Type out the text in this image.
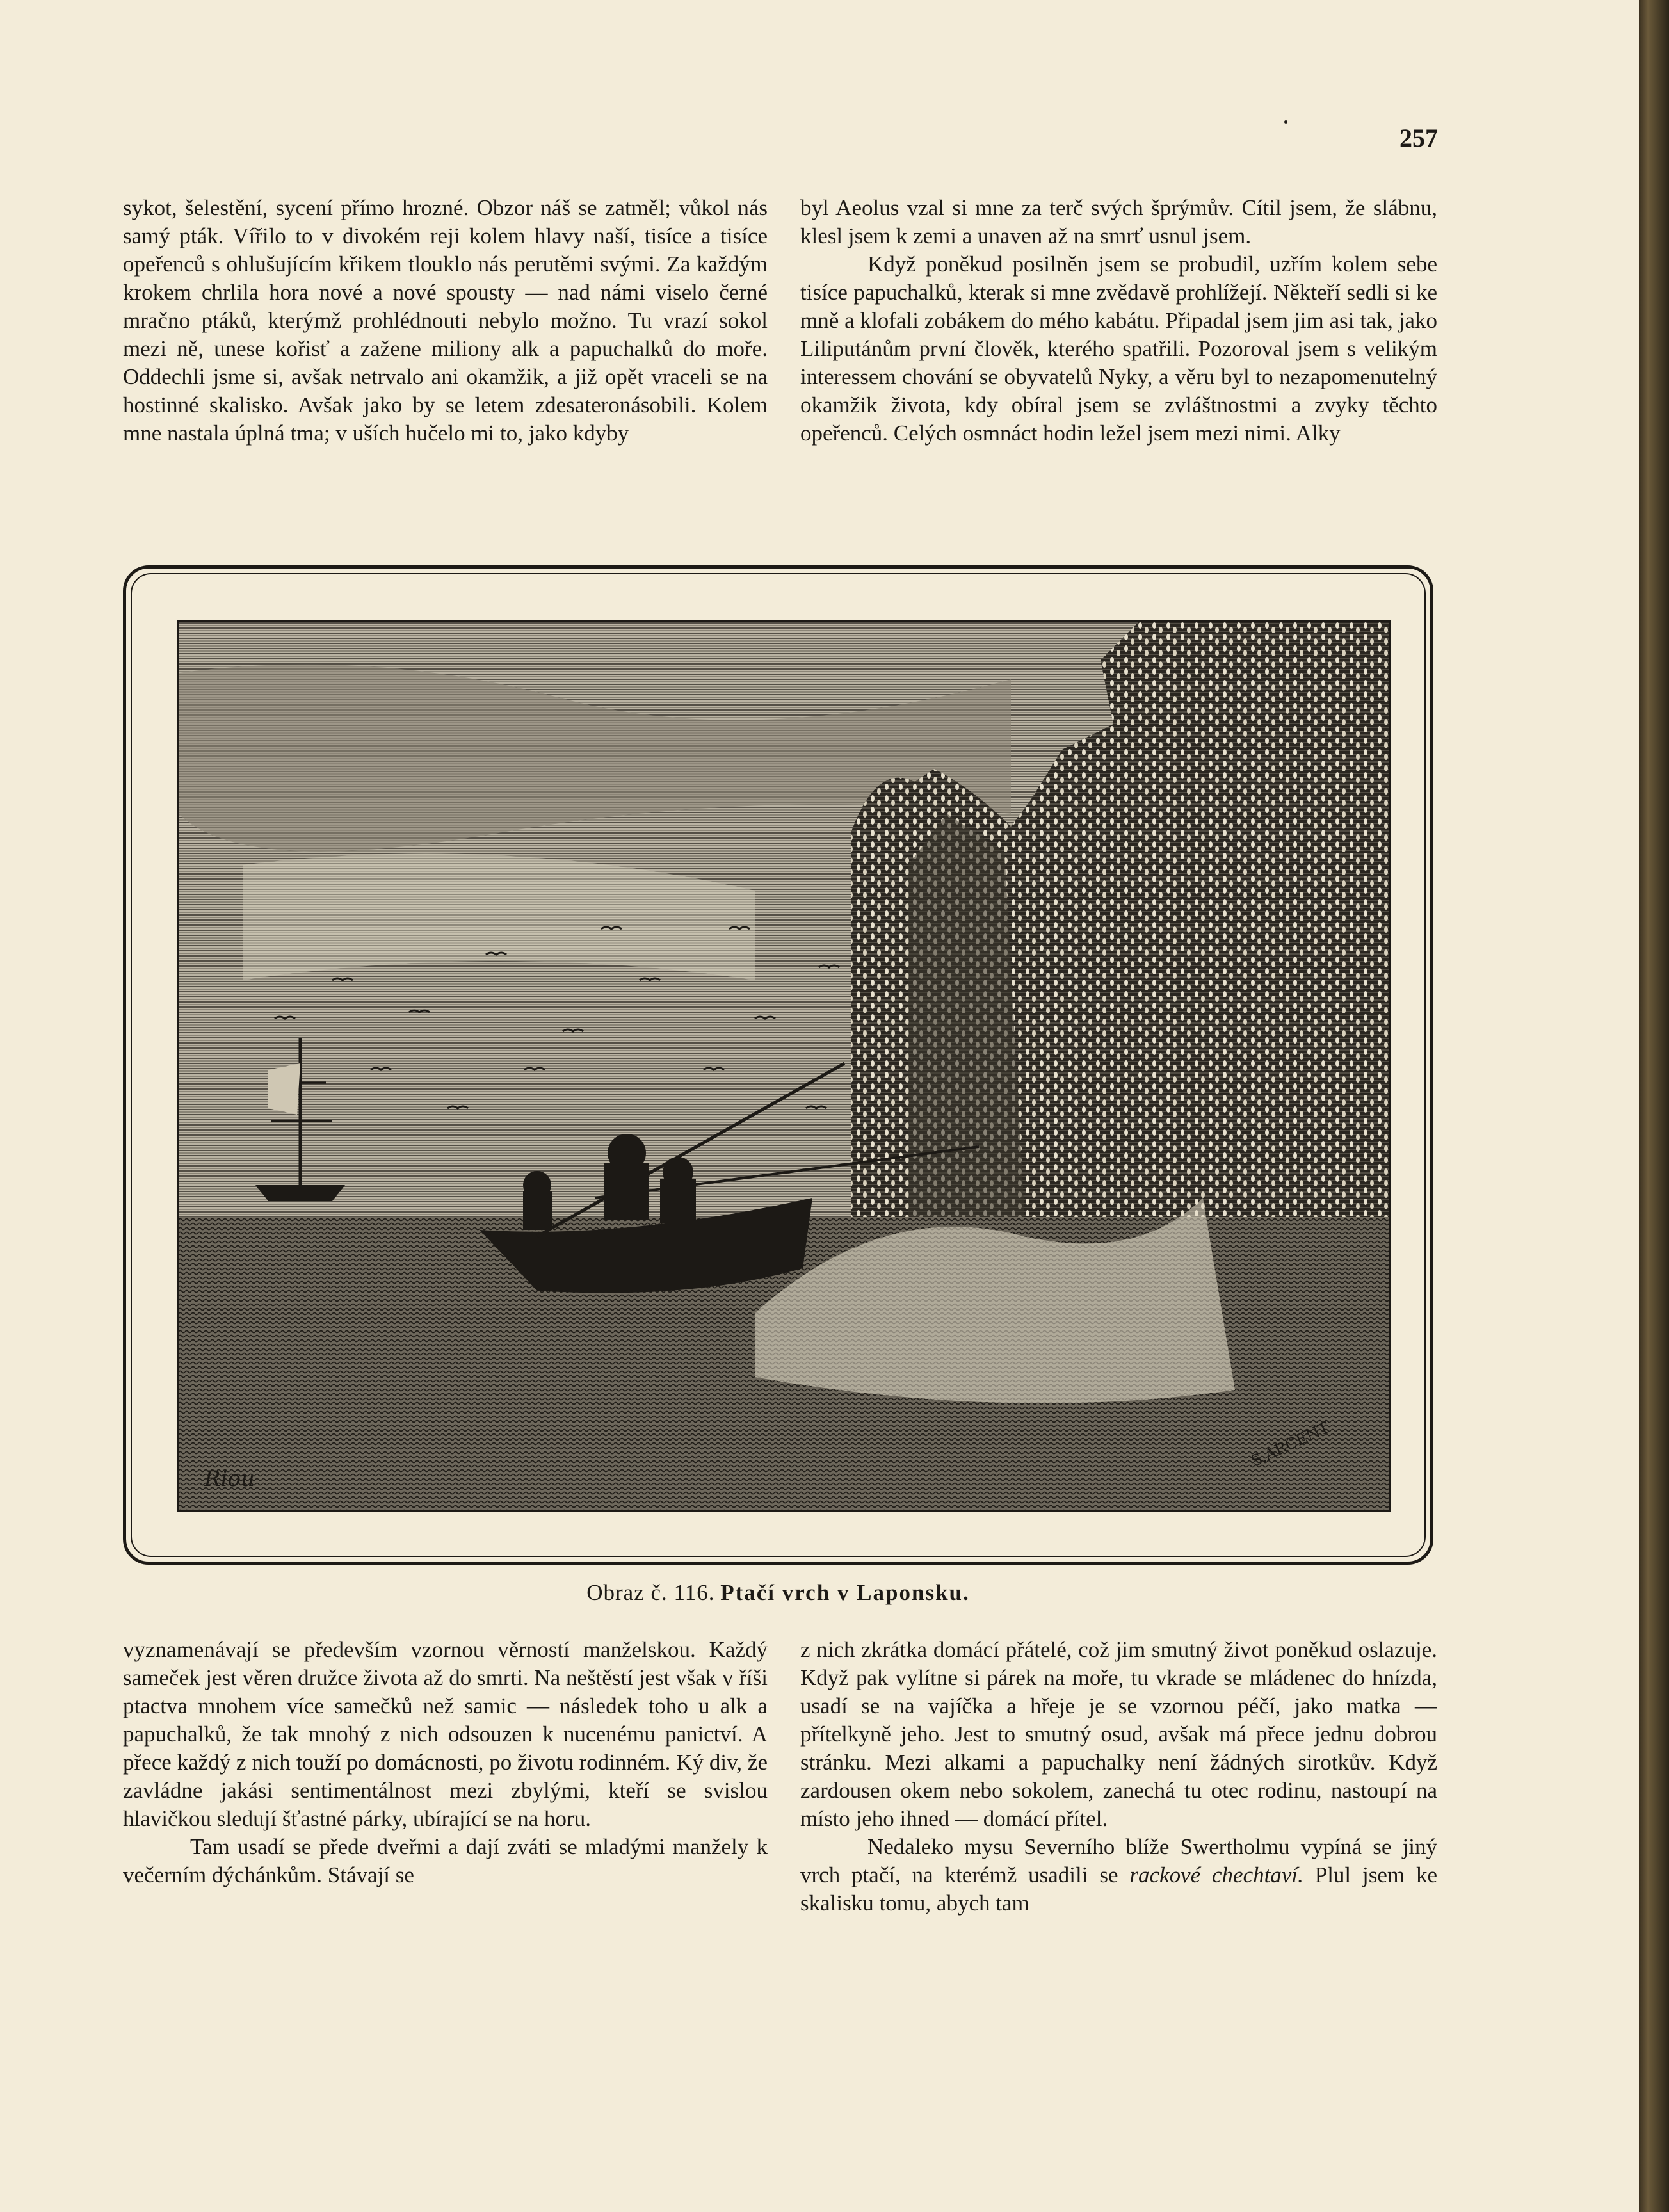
257

sykot, šelestění, sycení přímo hrozné. Obzor náš se zatměl; vůkol nás samý pták. Vířilo to v divokém reji kolem hlavy naší, tisíce a tisíce opeřenců s ohlušujícím křikem tlouklo nás perutěmi svými. Za každým krokem chrlila hora nové a nové spousty — nad námi viselo černé mračno ptáků, kterýmž prohlédnouti nebylo možno. Tu vrazí sokol mezi ně, unese kořisť a zažene miliony alk a papuchalků do moře. Oddechli jsme si, avšak netrvalo ani okamžik, a již opět vraceli se na hostinné skalisko. Avšak jako by se letem zdesateronásobili. Kolem mne nastala úplná tma; v uších hučelo mi to, jako kdyby

byl Aeolus vzal si mne za terč svých šprýmův. Cítil jsem, že slábnu, klesl jsem k zemi a unaven až na smrť usnul jsem.

Když poněkud posilněn jsem se probudil, uzřím kolem sebe tisíce papuchalků, kterak si mne zvědavě prohlížejí. Někteří sedli si ke mně a klofali zobákem do mého kabátu. Připadal jsem jim asi tak, jako Liliputánům první člověk, kterého spatřili. Pozoroval jsem s velikým interessem chování se obyvatelů Nyky, a věru byl to nezapomenutelný okamžik života, kdy obíral jsem se zvláštnostmi a zvyky těchto opeřenců. Celých osmnáct hodin ležel jsem mezi nimi. Alky

Riou
S.ARCENT
Obraz č. 116. Ptačí vrch v Laponsku.

vyznamenávají se především vzornou věrností manželskou. Každý sameček jest věren družce života až do smrti. Na neštěstí jest však v říši ptactva mnohem více samečků než samic — následek toho u alk a papuchalků, že tak mnohý z nich odsouzen k nucenému panictví. A přece každý z nich touží po domácnosti, po životu rodinném. Ký div, že zavládne jakási sentimentálnost mezi zbylými, kteří se svislou hlavičkou sledují šťastné párky, ubírající se na horu.

Tam usadí se přede dveřmi a dají zváti se mladými manžely k večerním dýchánkům. Stávají se

z nich zkrátka domácí přátelé, což jim smutný život poněkud oslazuje. Když pak vylítne si párek na moře, tu vkrade se mládenec do hnízda, usadí se na vajíčka a hřeje je se vzornou péčí, jako matka — přítelkyně jeho. Jest to smutný osud, avšak má přece jednu dobrou stránku. Mezi alkami a papuchalky není žádných sirotkův. Když zardousen okem nebo sokolem, zanechá tu otec rodinu, nastoupí na místo jeho ihned — domácí přítel.

Nedaleko mysu Severního blíže Swertholmu vypíná se jiný vrch ptačí, na kterémž usadili se rackové chechtaví. Plul jsem ke skalisku tomu, abych tam
